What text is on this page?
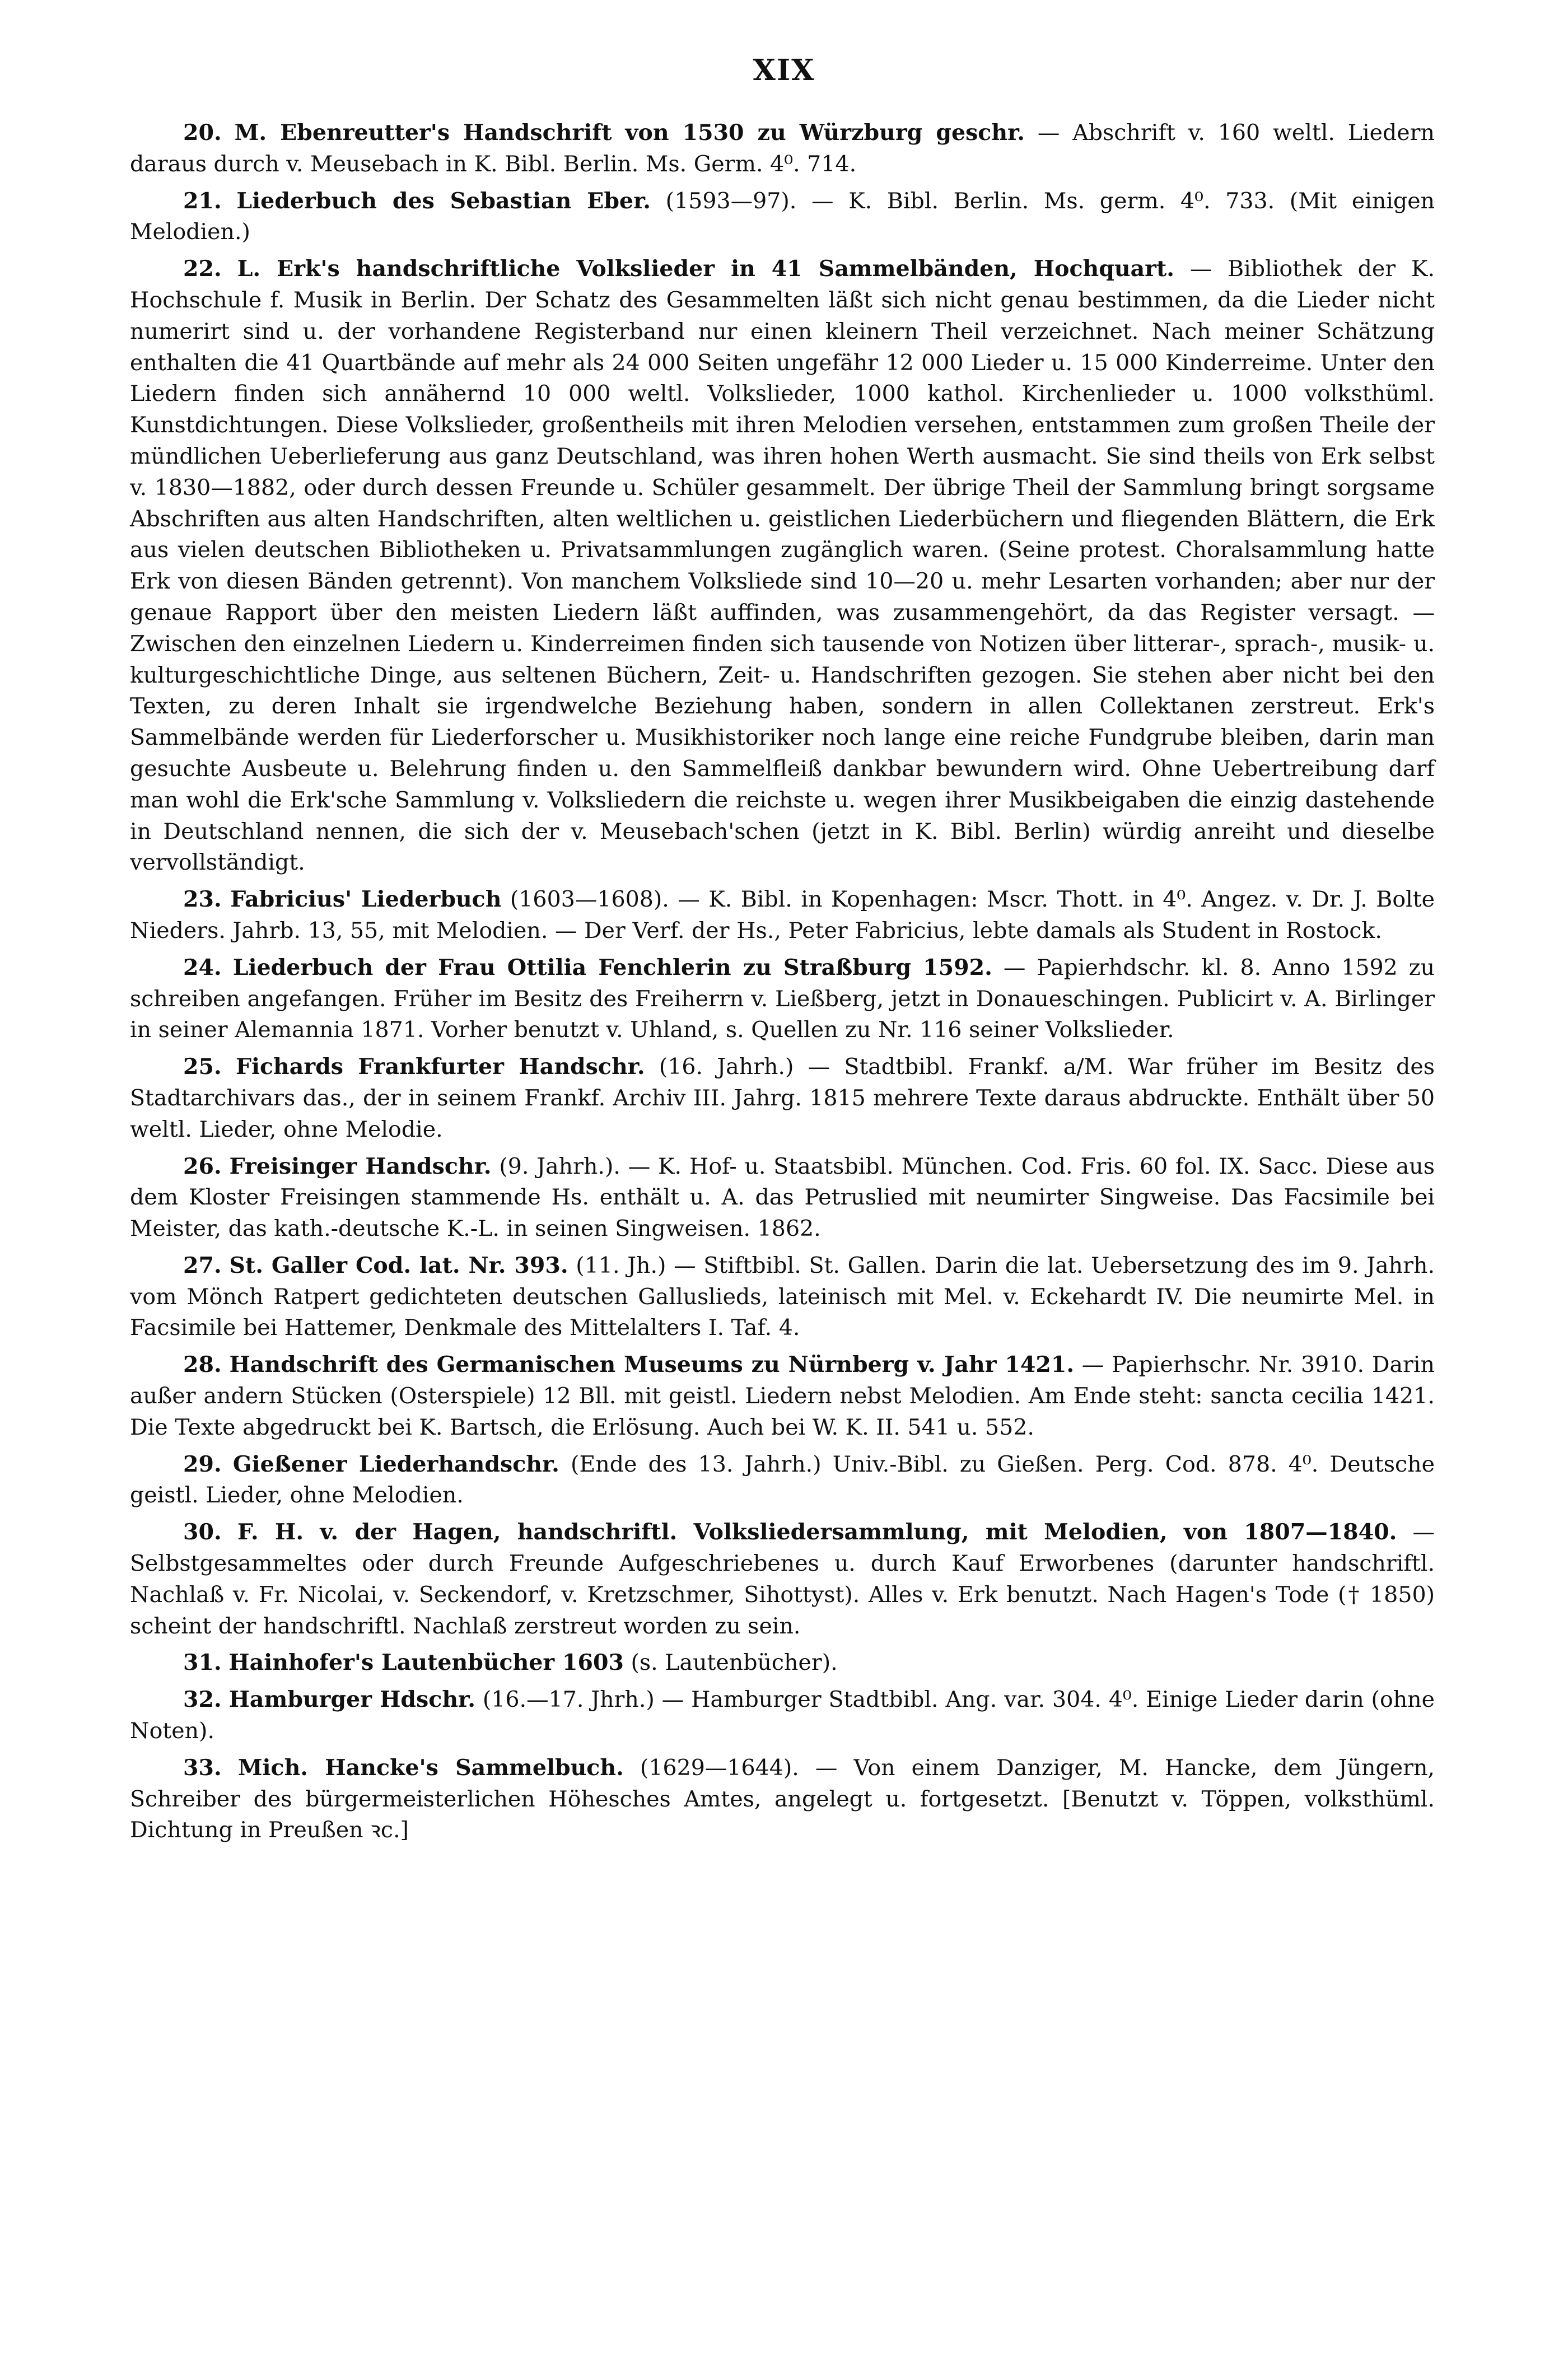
XIX

20. M. Ebenreutter's Handschrift von 1530 zu Würzburg geschr. — Abschrift v. 160 weltl. Liedern daraus durch v. Meusebach in K. Bibl. Berlin. Ms. Germ. 4⁰. 714.

21. Liederbuch des Sebastian Eber. (1593—97). — K. Bibl. Berlin. Ms. germ. 4⁰. 733. (Mit einigen Melodien.)

22. L. Erk's handschriftliche Volkslieder in 41 Sammelbänden, Hochquart. — Bibliothek der K. Hochschule f. Musik in Berlin. Der Schatz des Gesammelten läßt sich nicht genau bestimmen, da die Lieder nicht numerirt sind u. der vorhandene Registerband nur einen kleinern Theil verzeichnet. Nach meiner Schätzung enthalten die 41 Quartbände auf mehr als 24 000 Seiten ungefähr 12 000 Lieder u. 15 000 Kinderreime. Unter den Liedern finden sich annähernd 10 000 weltl. Volkslieder, 1000 kathol. Kirchenlieder u. 1000 volksthüml. Kunstdichtungen. Diese Volkslieder, großentheils mit ihren Melodien versehen, entstammen zum großen Theile der mündlichen Ueberlieferung aus ganz Deutschland, was ihren hohen Werth ausmacht. Sie sind theils von Erk selbst v. 1830—1882, oder durch dessen Freunde u. Schüler gesammelt. Der übrige Theil der Sammlung bringt sorgsame Abschriften aus alten Handschriften, alten weltlichen u. geistlichen Liederbüchern und fliegenden Blättern, die Erk aus vielen deutschen Bibliotheken u. Privatsammlungen zugänglich waren. (Seine protest. Choralsammlung hatte Erk von diesen Bänden getrennt). Von manchem Volksliede sind 10—20 u. mehr Lesarten vorhanden; aber nur der genaue Rapport über den meisten Liedern läßt auffinden, was zusammengehört, da das Register versagt. — Zwischen den einzelnen Liedern u. Kinderreimen finden sich tausende von Notizen über litterar-, sprach-, musik- u. kulturgeschichtliche Dinge, aus seltenen Büchern, Zeit- u. Handschriften gezogen. Sie stehen aber nicht bei den Texten, zu deren Inhalt sie irgendwelche Beziehung haben, sondern in allen Collektanen zerstreut. Erk's Sammelbände werden für Liederforscher u. Musikhistoriker noch lange eine reiche Fundgrube bleiben, darin man gesuchte Ausbeute u. Belehrung finden u. den Sammelfleiß dankbar bewundern wird. Ohne Uebertreibung darf man wohl die Erk'sche Sammlung v. Volksliedern die reichste u. wegen ihrer Musikbeigaben die einzig dastehende in Deutschland nennen, die sich der v. Meusebach'schen (jetzt in K. Bibl. Berlin) würdig anreiht und dieselbe vervollständigt.

23. Fabricius' Liederbuch (1603—1608). — K. Bibl. in Kopenhagen: Mscr. Thott. in 4⁰. Angez. v. Dr. J. Bolte Nieders. Jahrb. 13, 55, mit Melodien. — Der Verf. der Hs., Peter Fabricius, lebte damals als Student in Rostock.

24. Liederbuch der Frau Ottilia Fenchlerin zu Straßburg 1592. — Papierhdschr. kl. 8. Anno 1592 zu schreiben angefangen. Früher im Besitz des Freiherrn v. Ließberg, jetzt in Donaueschingen. Publicirt v. A. Birlinger in seiner Alemannia 1871. Vorher benutzt v. Uhland, s. Quellen zu Nr. 116 seiner Volkslieder.

25. Fichards Frankfurter Handschr. (16. Jahrh.) — Stadtbibl. Frankf. a/M. War früher im Besitz des Stadtarchivars das., der in seinem Frankf. Archiv III. Jahrg. 1815 mehrere Texte daraus abdruckte. Enthält über 50 weltl. Lieder, ohne Melodie.

26. Freisinger Handschr. (9. Jahrh.). — K. Hof- u. Staatsbibl. München. Cod. Fris. 60 fol. IX. Sacc. Diese aus dem Kloster Freisingen stammende Hs. enthält u. A. das Petruslied mit neumirter Singweise. Das Facsimile bei Meister, das kath.-deutsche K.-L. in seinen Singweisen. 1862.

27. St. Galler Cod. lat. Nr. 393. (11. Jh.) — Stiftbibl. St. Gallen. Darin die lat. Uebersetzung des im 9. Jahrh. vom Mönch Ratpert gedichteten deutschen Galluslieds, lateinisch mit Mel. v. Eckehardt IV. Die neumirte Mel. in Facsimile bei Hattemer, Denkmale des Mittelalters I. Taf. 4.

28. Handschrift des Germanischen Museums zu Nürnberg v. Jahr 1421. — Papierhschr. Nr. 3910. Darin außer andern Stücken (Osterspiele) 12 Bll. mit geistl. Liedern nebst Melodien. Am Ende steht: sancta cecilia 1421. Die Texte abgedruckt bei K. Bartsch, die Erlösung. Auch bei W. K. II. 541 u. 552.

29. Gießener Liederhandschr. (Ende des 13. Jahrh.) Univ.-Bibl. zu Gießen. Perg. Cod. 878. 4⁰. Deutsche geistl. Lieder, ohne Melodien.

30. F. H. v. der Hagen, handschriftl. Volksliedersammlung, mit Melodien, von 1807—1840. — Selbstgesammeltes oder durch Freunde Aufgeschriebenes u. durch Kauf Erworbenes (darunter handschriftl. Nachlaß v. Fr. Nicolai, v. Seckendorf, v. Kretzschmer, Sihottyst). Alles v. Erk benutzt. Nach Hagen's Tode († 1850) scheint der handschriftl. Nachlaß zerstreut worden zu sein.

31. Hainhofer's Lautenbücher 1603 (s. Lautenbücher).

32. Hamburger Hdschr. (16.—17. Jhrh.) — Hamburger Stadtbibl. Ang. var. 304. 4⁰. Einige Lieder darin (ohne Noten).

33. Mich. Hancke's Sammelbuch. (1629—1644). — Von einem Danziger, M. Hancke, dem Jüngern, Schreiber des bürgermeisterlichen Höhesches Amtes, angelegt u. fortgesetzt. [Benutzt v. Töppen, volksthüml. Dichtung in Preußen ꝛc.]
